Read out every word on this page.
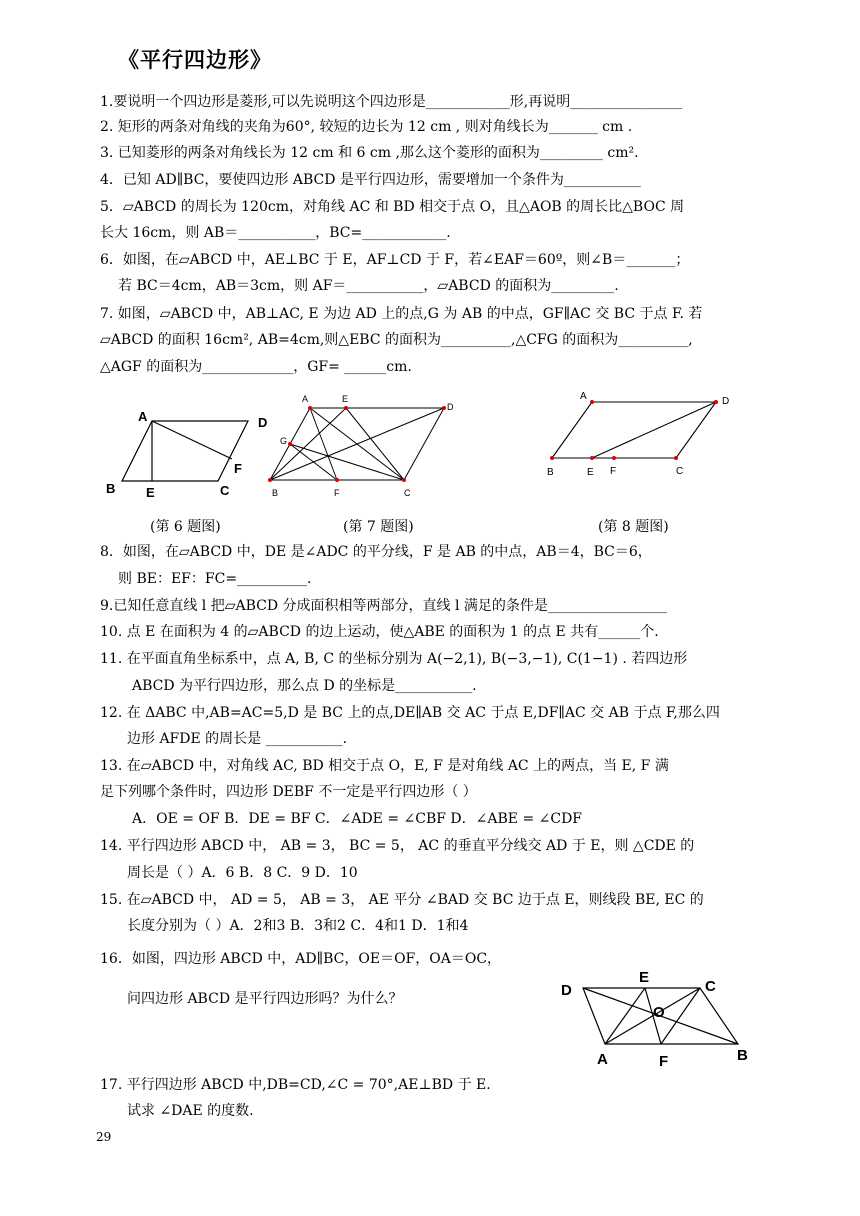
《平行四边形》
1.要说明一个四边形是菱形,可以先说明这个四边形是____________形,再说明________________
2. 矩形的两条对角线的夹角为60°, 较短的边长为 12 cm , 则对角线长为_______ cm .
3. 已知菱形的两条对角线长为 12 cm 和 6 cm ,那么这个菱形的面积为_________ cm².
4．已知 AD∥BC，要使四边形 ABCD 是平行四边形，需要增加一个条件为___________
5．▱ABCD 的周长为 120cm，对角线 AC 和 BD 相交于点 O，且△AOB 的周长比△BOC 周
长大 16cm，则 AB＝___________，BC=____________.
6．如图，在▱ABCD 中，AE⊥BC 于 E，AF⊥CD 于 F，若∠EAF＝60º，则∠B＝_______；
若 BC＝4cm，AB＝3cm，则 AF＝___________，▱ABCD 的面积为_________.
7. 如图，▱ABCD 中，AB⊥AC, E 为边 AD 上的点,G 为 AB 的中点，GF∥AC 交 BC 于点 F. 若
▱ABCD 的面积 16cm², AB=4cm,则△EBC 的面积为__________,△CFG 的面积为__________,
△AGF 的面积为_____________，GF= ______cm.
A	D
F
B E	C
A	E
D
G
B	F	C
A	D
B	E F	C
(第 6 题图)	(第 7 题图)	(第 8 题图)
8．如图，在▱ABCD 中，DE 是∠ADC 的平分线，F 是 AB 的中点，AB＝4，BC＝6，
则 BE：EF：FC=__________.
9.已知任意直线 l 把▱ABCD 分成面积相等两部分，直线 l 满足的条件是_________________
10. 点 E 在面积为 4 的▱ABCD 的边上运动，使△ABE 的面积为 1 的点 E 共有______个.
11. 在平面直角坐标系中，点 A, B, C 的坐标分别为 A(−2,1), B(−3,−1), C(1−1) . 若四边形
ABCD 为平行四边形，那么点 D 的坐标是___________.
12. 在 ΔABC 中,AB=AC=5,D 是 BC 上的点,DE∥AB 交 AC 于点 E,DF∥AC 交 AB 于点 F,那么四
边形 AFDE 的周长是 ___________.
13. 在▱ABCD 中，对角线 AC, BD 相交于点 O，E, F 是对角线 AC 上的两点，当 E, F 满
足下列哪个条件时，四边形 DEBF 不一定是平行四边形（ ）
A．OE = OF B．DE = BF C．∠ADE = ∠CBF D．∠ABE = ∠CDF
14. 平行四边形 ABCD 中， AB = 3， BC = 5， AC 的垂直平分线交 AD 于 E，则 △CDE 的
周长是（ ）A．6 B．8 C．9 D．10
15. 在▱ABCD 中， AD = 5， AB = 3， AE 平分 ∠BAD 交 BC 边于点 E，则线段 BE, EC 的
长度分别为（ ）A．2和3 B．3和2 C．4和1 D．1和4
16．如图，四边形 ABCD 中，AD∥BC，OE＝OF，OA＝OC，
问四边形 ABCD 是平行四边形吗？为什么？	D
E
C
O
A	F	B
17. 平行四边形 ABCD 中,DB=CD,∠C = 70°,AE⊥BD 于 E.
试求 ∠DAE 的度数.
29
